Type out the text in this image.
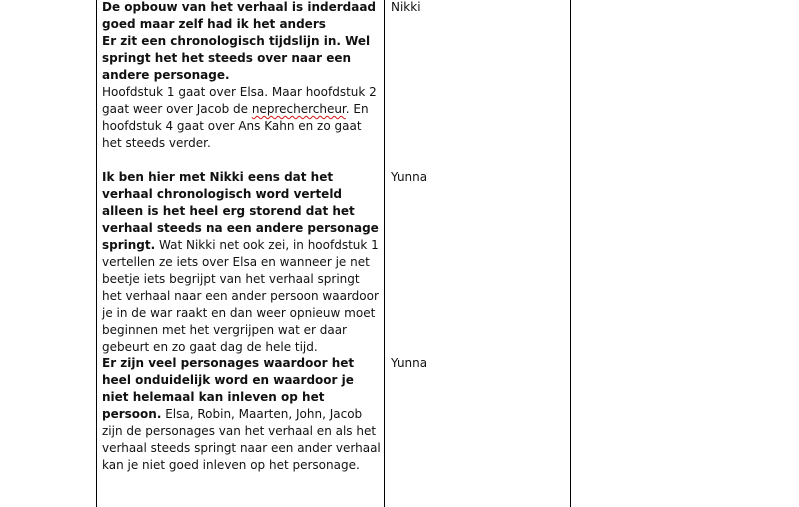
De opbouw van het verhaal is inderdaad goed maar zelf had ik het anders

Er zit een chronologisch tijdslijn in. Wel springt het het steeds over naar een andere personage.

Hoofdstuk 1 gaat over Elsa. Maar hoofdstuk 2 gaat weer over Jacob de neprechercheur. En hoofdstuk 4 gaat over Ans Kahn en zo gaat het steeds verder.

Nikki

Ik ben hier met Nikki eens dat het verhaal chronologisch word verteld alleen is het heel erg storend dat het verhaal steeds na een andere personage springt. Wat Nikki net ook zei, in hoofdstuk 1 vertellen ze iets over Elsa en wanneer je net beetje iets begrijpt van het verhaal springt het verhaal naar een ander persoon waardoor je in de war raakt en dan weer opnieuw moet beginnen met het vergrijpen wat er daar gebeurt en zo gaat dag de hele tijd.

Yunna

Er zijn veel personages waardoor het heel onduidelijk word en waardoor je niet helemaal kan inleven op het persoon. Elsa, Robin, Maarten, John, Jacob zijn de personages van het verhaal en als het verhaal steeds springt naar een ander verhaal kan je niet goed inleven op het personage.

Yunna
